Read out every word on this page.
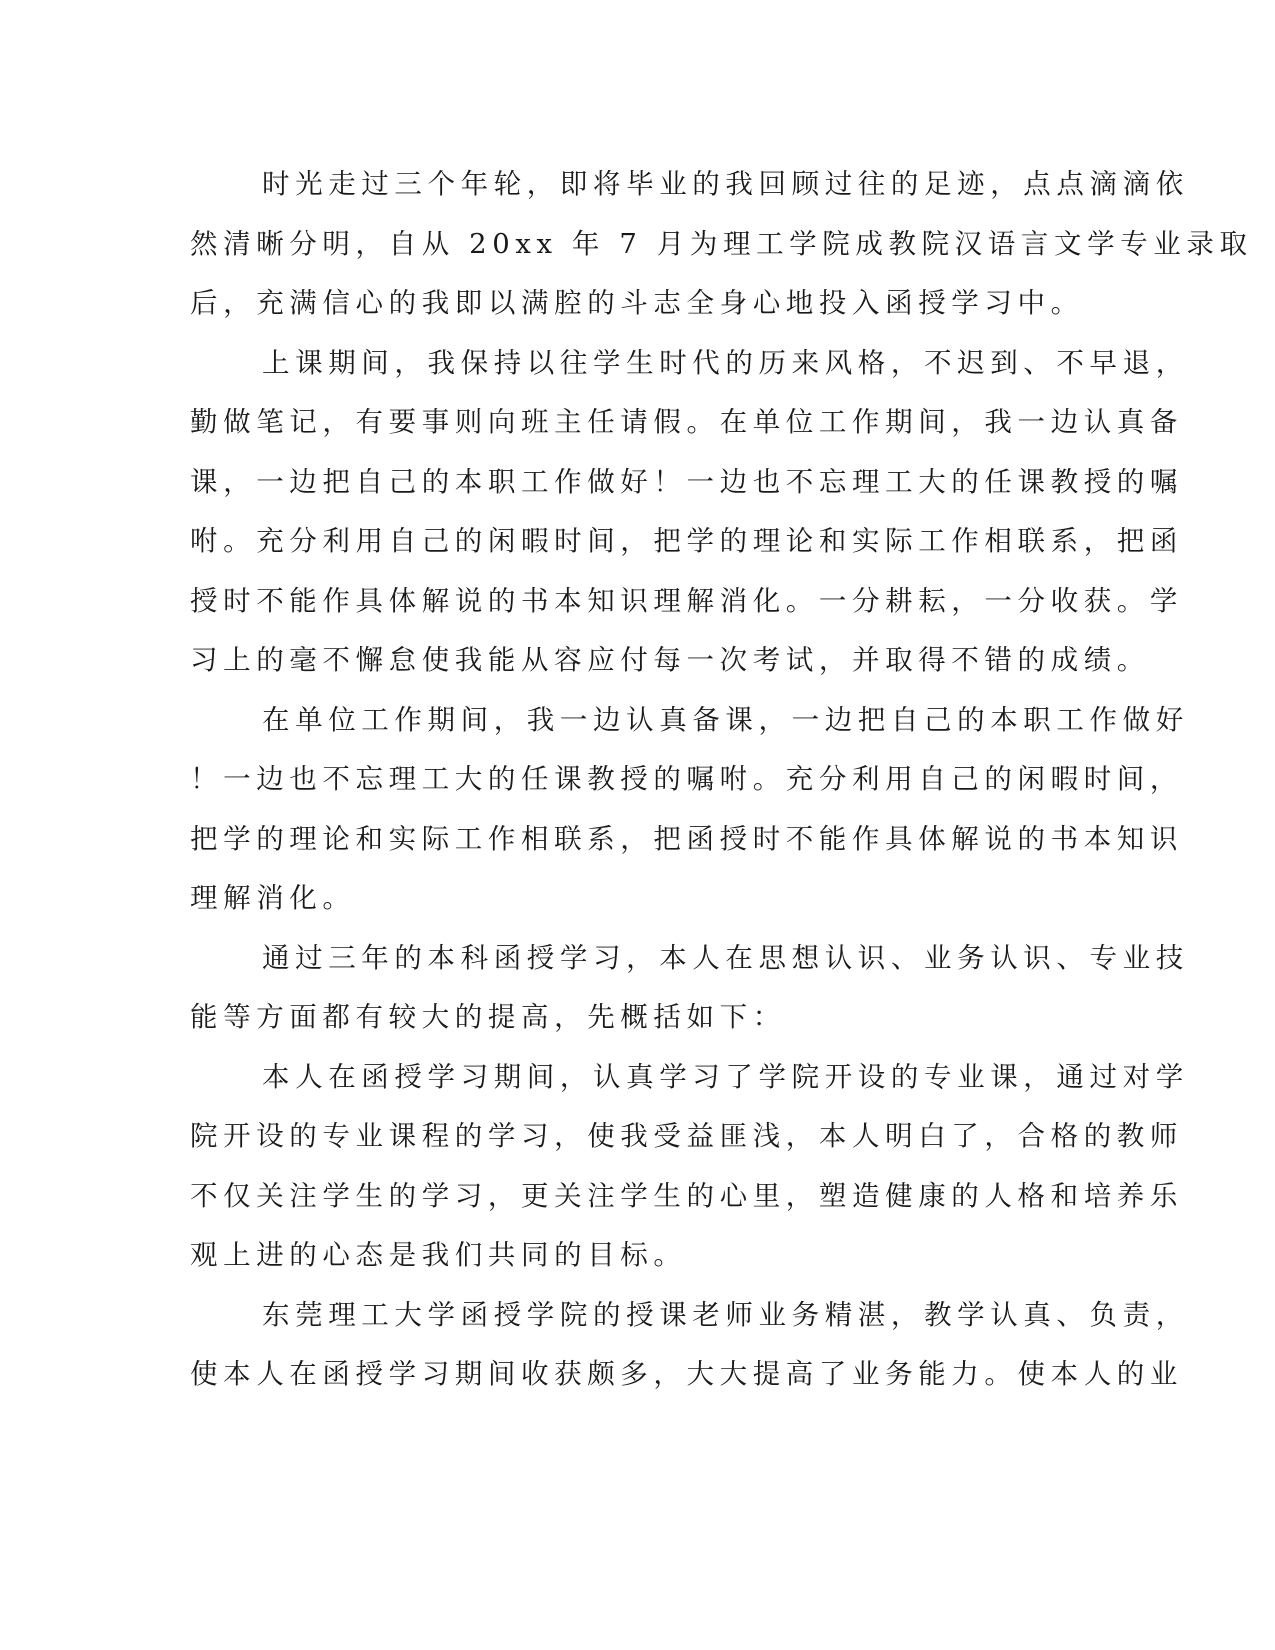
时光走过三个年轮，即将毕业的我回顾过往的足迹，点点滴滴依
然清晰分明，自从 20xx 年 7 月为理工学院成教院汉语言文学专业录取
后，充满信心的我即以满腔的斗志全身心地投入函授学习中。

上课期间，我保持以往学生时代的历来风格，不迟到、不早退，
勤做笔记，有要事则向班主任请假。在单位工作期间，我一边认真备
课，一边把自己的本职工作做好！一边也不忘理工大的任课教授的嘱
咐。充分利用自己的闲暇时间，把学的理论和实际工作相联系，把函
授时不能作具体解说的书本知识理解消化。一分耕耘，一分收获。学
习上的毫不懈怠使我能从容应付每一次考试，并取得不错的成绩。

在单位工作期间，我一边认真备课，一边把自己的本职工作做好
！一边也不忘理工大的任课教授的嘱咐。充分利用自己的闲暇时间，
把学的理论和实际工作相联系，把函授时不能作具体解说的书本知识
理解消化。

通过三年的本科函授学习，本人在思想认识、业务认识、专业技
能等方面都有较大的提高，先概括如下：

本人在函授学习期间，认真学习了学院开设的专业课，通过对学
院开设的专业课程的学习，使我受益匪浅，本人明白了，合格的教师
不仅关注学生的学习，更关注学生的心里，塑造健康的人格和培养乐
观上进的心态是我们共同的目标。

东莞理工大学函授学院的授课老师业务精湛，教学认真、负责，
使本人在函授学习期间收获颇多，大大提高了业务能力。使本人的业
